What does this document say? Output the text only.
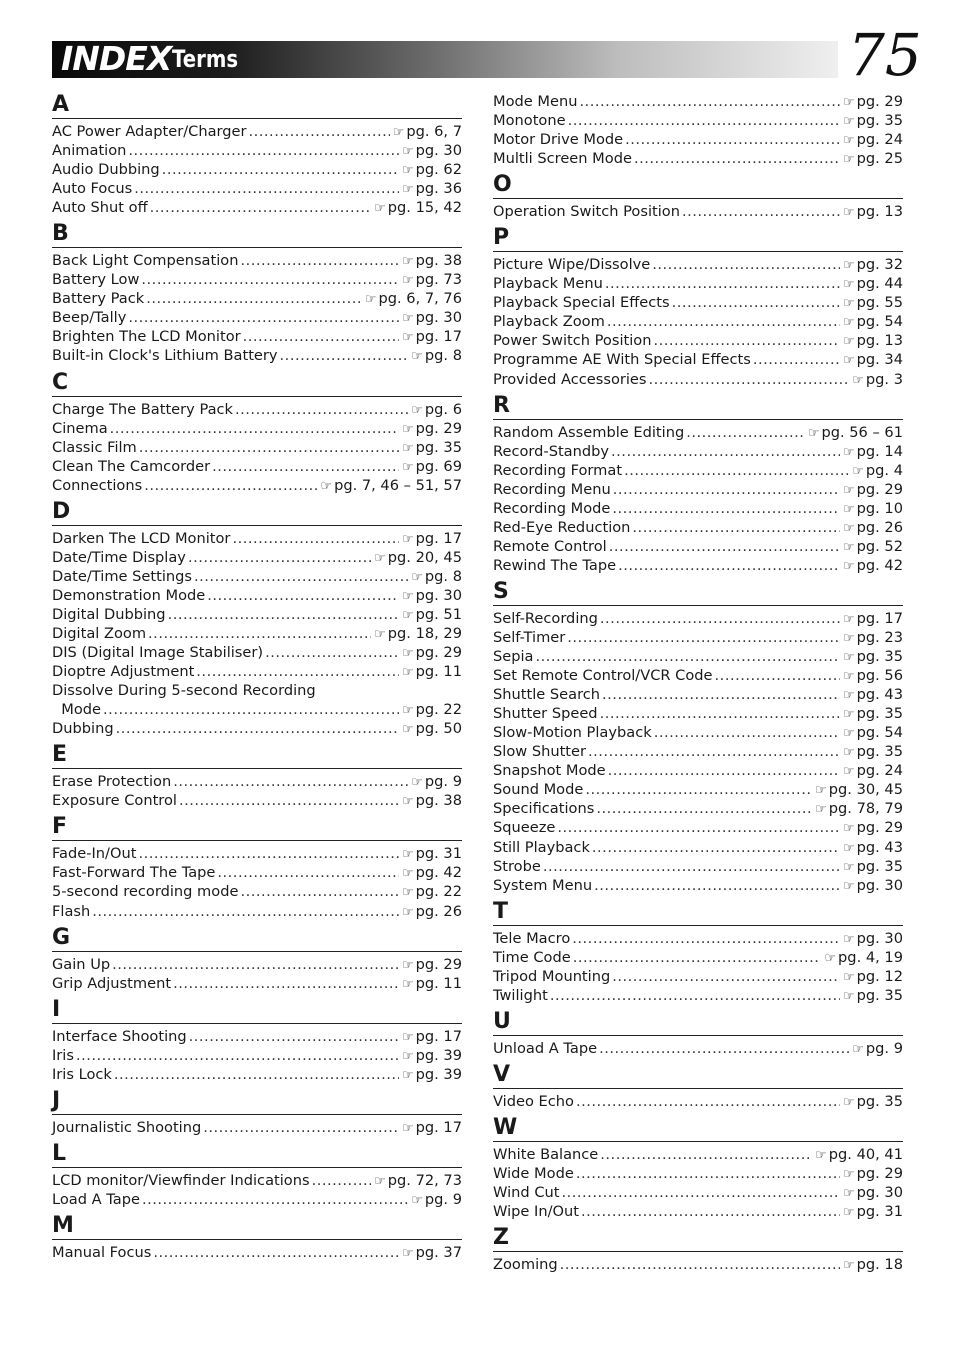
INDEX Terms	75
A
AC Power Adapter/Charger .....	☞ pg. 6, 7
Animation .....	☞ pg. 30
Audio Dubbing .....	☞ pg. 62
Auto Focus .....	☞ pg. 36
Auto Shut off .....	☞ pg. 15, 42
B
Back Light Compensation .....	☞ pg. 38
Battery Low .....	☞ pg. 73
Battery Pack .....	☞ pg. 6, 7, 76
Beep/Tally .....	☞ pg. 30
Brighten The LCD Monitor .....	☞ pg. 17
Built-in Clock's Lithium Battery .....	☞ pg. 8
C
Charge The Battery Pack .....	☞ pg. 6
Cinema .....	☞ pg. 29
Classic Film .....	☞ pg. 35
Clean The Camcorder .....	☞ pg. 69
Connections .....	☞ pg. 7, 46 – 51, 57
D
Darken The LCD Monitor .....	☞ pg. 17
Date/Time Display .....	☞ pg. 20, 45
Date/Time Settings .....	☞ pg. 8
Demonstration Mode .....	☞ pg. 30
Digital Dubbing .....	☞ pg. 51
Digital Zoom .....	☞ pg. 18, 29
DIS (Digital Image Stabiliser) .....	☞ pg. 29
Dioptre Adjustment .....	☞ pg. 11
Dissolve During 5-second Recording
Mode .....	☞ pg. 22
Dubbing .....	☞ pg. 50
E
Erase Protection .....	☞ pg. 9
Exposure Control .....	☞ pg. 38
F
Fade-In/Out .....	☞ pg. 31
Fast-Forward The Tape .....	☞ pg. 42
5-second recording mode .....	☞ pg. 22
Flash .....	☞ pg. 26
G
Gain Up .....	☞ pg. 29
Grip Adjustment .....	☞ pg. 11
I
Interface Shooting .....	☞ pg. 17
Iris .....	☞ pg. 39
Iris Lock .....	☞ pg. 39
J
Journalistic Shooting .....	☞ pg. 17
L
LCD monitor/Viewfinder Indications .....	☞ pg. 72, 73
Load A Tape .....	☞ pg. 9
M
Manual Focus .....	☞ pg. 37
Mode Menu .....	☞ pg. 29
Monotone .....	☞ pg. 35
Motor Drive Mode .....	☞ pg. 24
Multli Screen Mode .....	☞ pg. 25
O
Operation Switch Position .....	☞ pg. 13
P
Picture Wipe/Dissolve .....	☞ pg. 32
Playback Menu .....	☞ pg. 44
Playback Special Effects .....	☞ pg. 55
Playback Zoom .....	☞ pg. 54
Power Switch Position .....	☞ pg. 13
Programme AE With Special Effects .....	☞ pg. 34
Provided Accessories .....	☞ pg. 3
R
Random Assemble Editing .....	☞ pg. 56 – 61
Record-Standby .....	☞ pg. 14
Recording Format .....	☞ pg. 4
Recording Menu .....	☞ pg. 29
Recording Mode .....	☞ pg. 10
Red-Eye Reduction .....	☞ pg. 26
Remote Control .....	☞ pg. 52
Rewind The Tape .....	☞ pg. 42
S
Self-Recording .....	☞ pg. 17
Self-Timer .....	☞ pg. 23
Sepia .....	☞ pg. 35
Set Remote Control/VCR Code .....	☞ pg. 56
Shuttle Search .....	☞ pg. 43
Shutter Speed .....	☞ pg. 35
Slow-Motion Playback .....	☞ pg. 54
Slow Shutter .....	☞ pg. 35
Snapshot Mode .....	☞ pg. 24
Sound Mode .....	☞ pg. 30, 45
Specifications .....	☞ pg. 78, 79
Squeeze .....	☞ pg. 29
Still Playback .....	☞ pg. 43
Strobe .....	☞ pg. 35
System Menu .....	☞ pg. 30
T
Tele Macro .....	☞ pg. 30
Time Code .....	☞ pg. 4, 19
Tripod Mounting .....	☞ pg. 12
Twilight .....	☞ pg. 35
U
Unload A Tape .....	☞ pg. 9
V
Video Echo .....	☞ pg. 35
W
White Balance .....	☞ pg. 40, 41
Wide Mode .....	☞ pg. 29
Wind Cut .....	☞ pg. 30
Wipe In/Out .....	☞ pg. 31
Z
Zooming .....	☞ pg. 18
